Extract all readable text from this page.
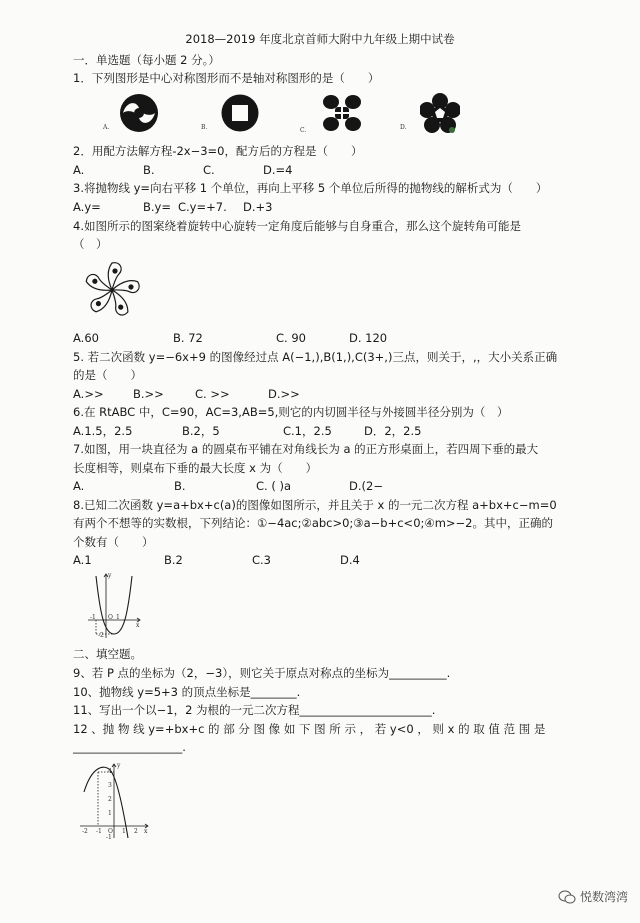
2018—2019 年度北京首师大附中九年级上期中试卷
一．单选题（每小题 2 分。）
1．下列图形是中心对称图形而不是轴对称图形的是（　　）
A.	B.	C.	D.
2．用配方法解方程-2x−3=0，配方后的方程是（　　）
A.	B.	C.	D.=4
3.将抛物线 y=向右平移 1 个单位，再向上平移 5 个单位后所得的抛物线的解析式为（　　）
A.y=	B.y= C.y=+7. D.+3
4.如图所示的图案绕着旋转中心旋转一定角度后能够与自身重合，那么这个旋转角可能是
（　）
A.60	B. 72	C. 90	D. 120
5. 若二次函数 y=−6x+9 的图像经过点 A(−1,),B(1,),C(3+,)三点，则关于，,，大小关系正确
的是（　　）
A.>>	B.>>	C. >>	D.>>
6.在 RtABC 中，C=90，AC=3,AB=5,则它的内切圆半径与外接圆半径分别为（　）
A.1.5，2.5	B.2，5	C.1，2.5	D．2，2.5
7.如图，用一块直径为 a 的圆桌布平铺在对角线长为 a 的正方形桌面上，若四周下垂的最大
长度相等，则桌布下垂的最大长度 x 为（　　）
A.	B.	C. ( )a	D.(2−
8.已知二次函数 y=a+bx+c(a)的图像如图所示，并且关于 x 的一元二次方程 a+bx+c−m=0
有两个不想等的实数根，下列结论：①−4ac;②abc>0;③a−b+c<0;④m>−2。其中，正确的
个数有（　　）
A.1	B.2	C.3	D.4
y
x
-1 O 1
-2
二、填空题。
9、若 P 点的坐标为（2，−3），则它关于原点对称点的坐标为__________.
10、抛物线 y=5+3 的顶点坐标是________.
11、写出一个以−1，2 为根的一元二次方程_______________________.
12 、抛 物 线 y=+bx+c 的 部 分 图 像 如 下 图 所 示 ， 若 y<0 ， 则 x 的 取 值 范 围 是
___________________.
y
x
4
3
2
1
-2 -1 O 1 2
-1
悦数湾湾
